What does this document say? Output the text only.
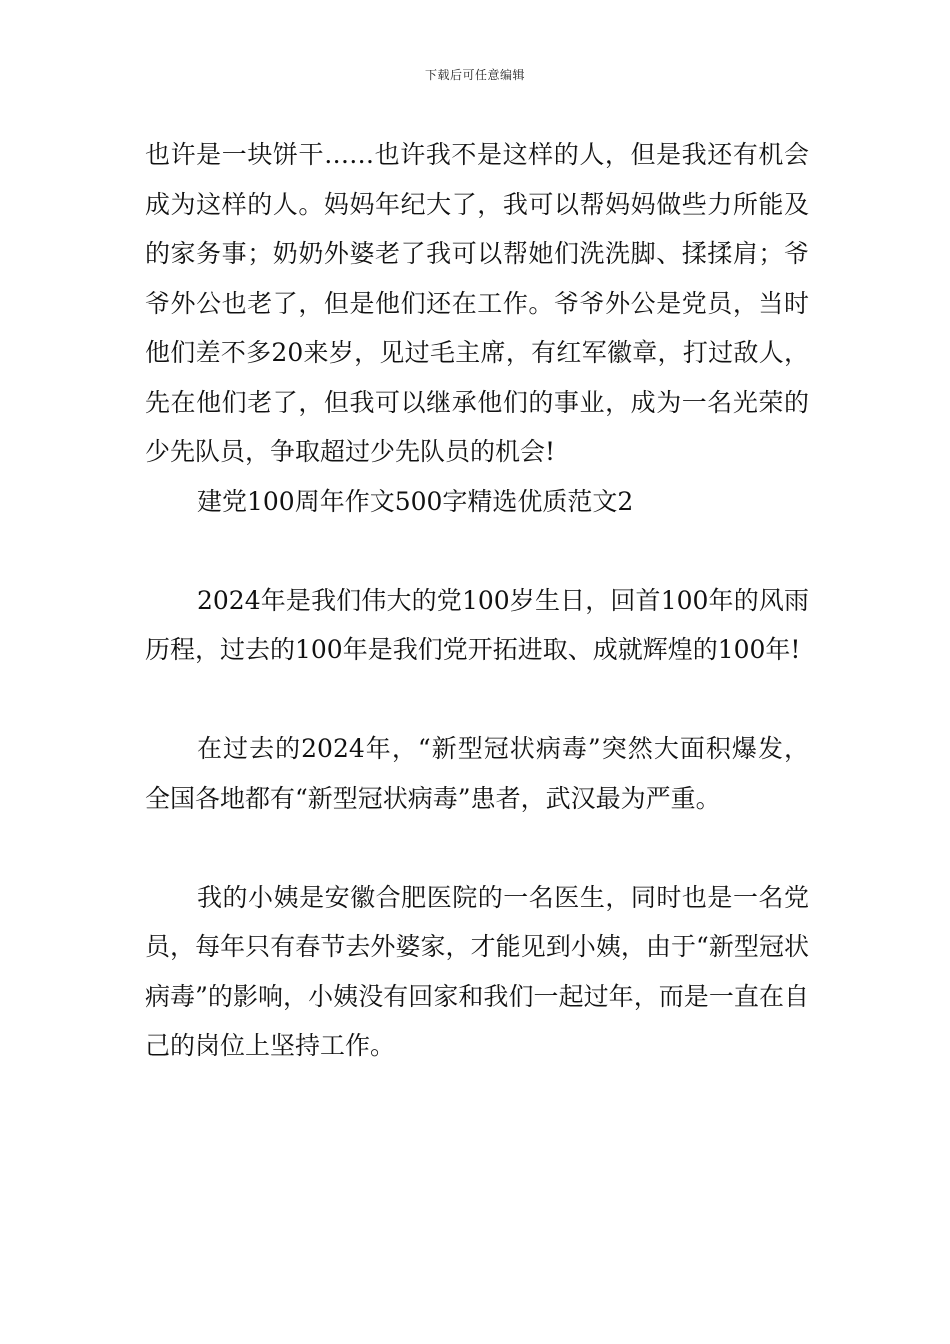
下载后可任意编辑

也许是一块饼干……也许我不是这样的人，但是我还有机会成为这样的人。妈妈年纪大了，我可以帮妈妈做些力所能及的家务事；奶奶外婆老了我可以帮她们洗洗脚、揉揉肩；爷爷外公也老了，但是他们还在工作。爷爷外公是党员，当时他们差不多20来岁，见过毛主席，有红军徽章，打过敌人，先在他们老了，但我可以继承他们的事业，成为一名光荣的少先队员，争取超过少先队员的机会!

建党100周年作文500字精选优质范文2

2024年是我们伟大的党100岁生日，回首100年的风雨历程，过去的100年是我们党开拓进取、成就辉煌的100年!

在过去的2024年，“新型冠状病毒”突然大面积爆发，全国各地都有“新型冠状病毒”患者，武汉最为严重。

我的小姨是安徽合肥医院的一名医生，同时也是一名党员，每年只有春节去外婆家，才能见到小姨，由于“新型冠状病毒”的影响，小姨没有回家和我们一起过年，而是一直在自己的岗位上坚持工作。
